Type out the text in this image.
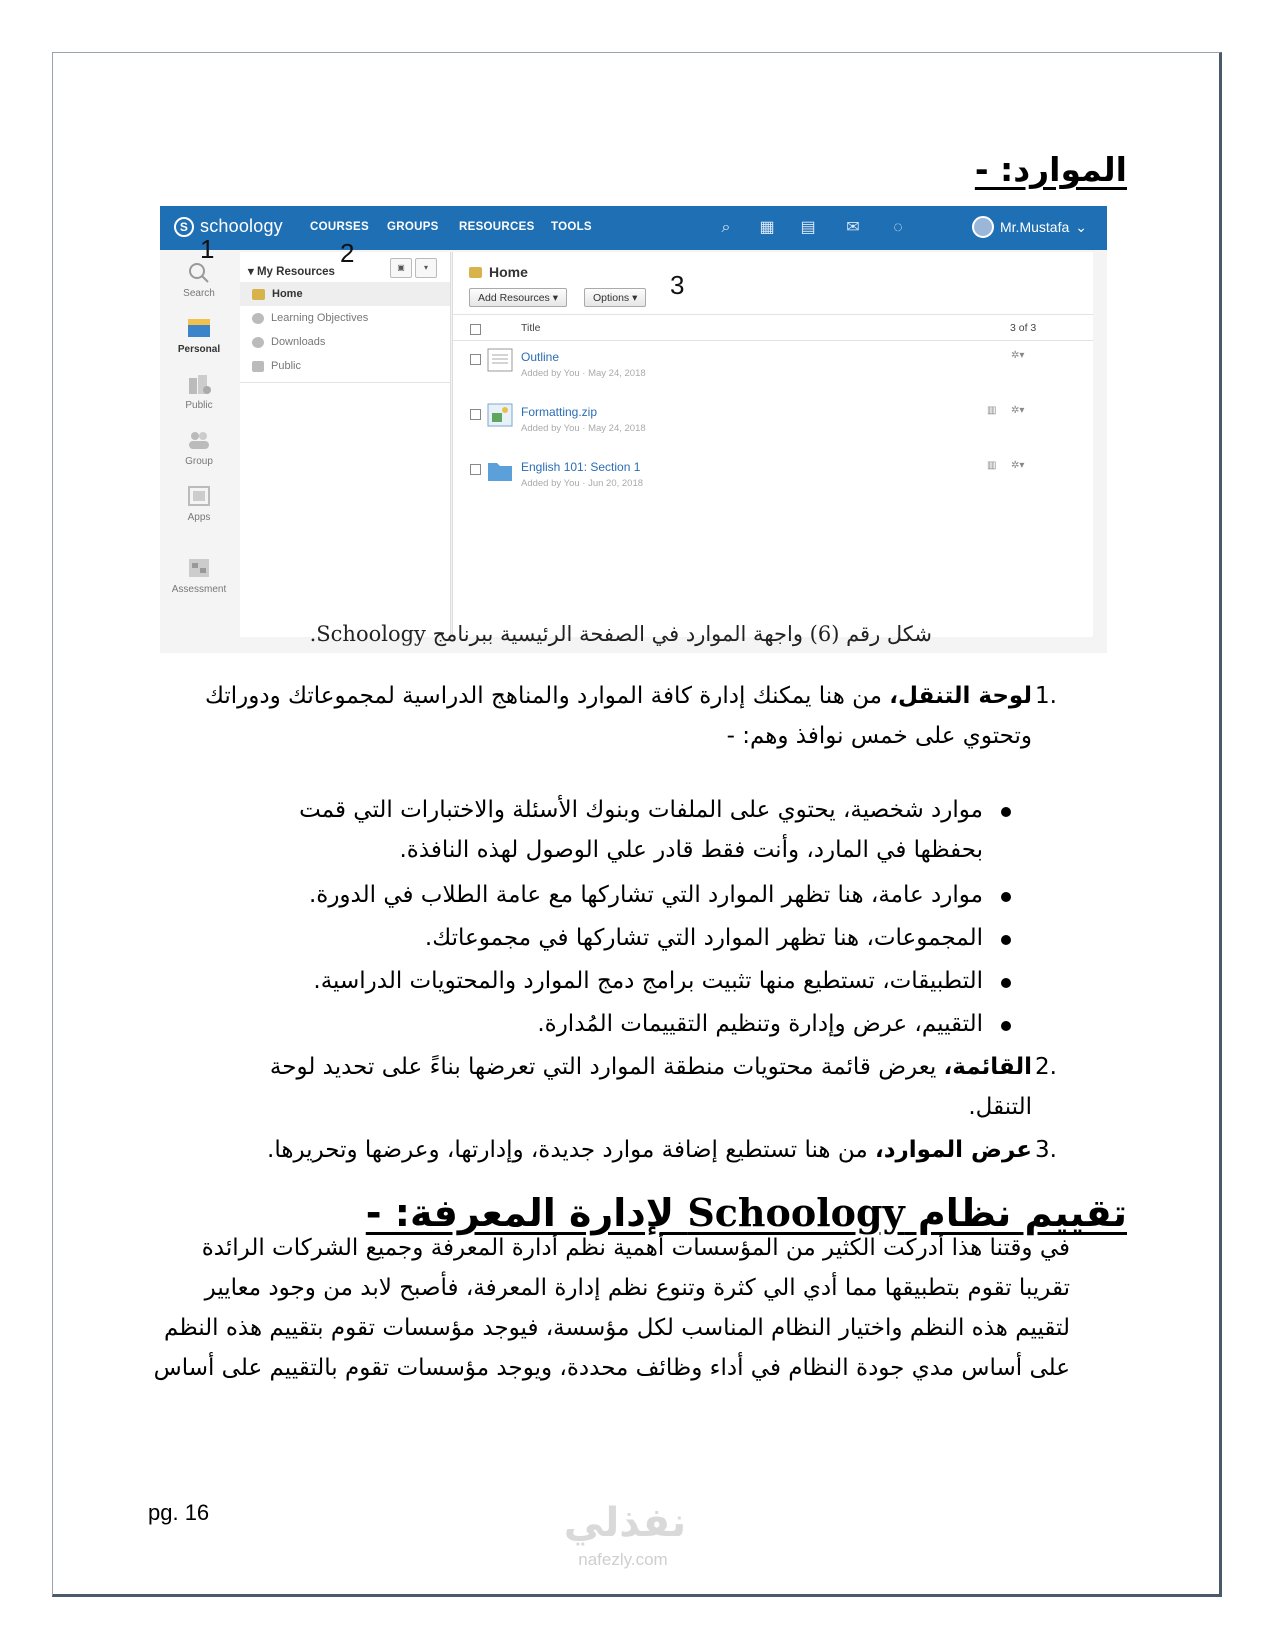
الموارد: -
S schoology COURSES GROUPS RESOURCES TOOLS	⌕	▦ ▤ ✉	◌	Mr.Mustafa ⌄
Search
Personal
Public
Group
Apps
Assessment
▾ My Resources	▣	▾
Home
Learning Objectives
Downloads
Public
Home
Add Resources ▾	Options ▾
Title	3 of 3
Outline
Added by You · May 24, 2018
✲▾
Formatting.zip
Added by You · May 24, 2018
▥ ✲▾
English 101: Section 1
Added by You · Jun 20, 2018
▥ ✲▾
1	2
3
شكل رقم (6) واجهة الموارد في الصفحة الرئيسية ببرنامج Schoology.
1.
لوحة التنقل، من هنا يمكنك إدارة كافة الموارد والمناهج الدراسية لمجموعاتك ودوراتك
وتحتوي على خمس نوافذ وهم: -
موارد شخصية، يحتوي على الملفات وبنوك الأسئلة والاختبارات التي قمت
بحفظها في المارد، وأنت فقط قادر علي الوصول لهذه النافذة.
موارد عامة، هنا تظهر الموارد التي تشاركها مع عامة الطلاب في الدورة.
المجموعات، هنا تظهر الموارد التي تشاركها في مجموعاتك.
التطبيقات، تستطيع منها تثبيت برامج دمج الموارد والمحتويات الدراسية.
التقييم، عرض وإدارة وتنظيم التقييمات المُدارة.
2.
القائمة، يعرض قائمة محتويات منطقة الموارد التي تعرضها بناءً على تحديد لوحة
التنقل.
3.
عرض الموارد، من هنا تستطيع إضافة موارد جديدة، وإدارتها، وعرضها وتحريرها.
تقييم نظام Schoology لإدارة المعرفة: -
في وقتنا هذا أدركت الكثير من المؤسسات أهمية نظم أدارة المعرفة وجميع الشركات الرائدة
تقريبا تقوم بتطبيقها مما أدي الي كثرة وتنوع نظم إدارة المعرفة، فأصبح لابد من وجود معايير
لتقييم هذه النظم واختيار النظام المناسب لكل مؤسسة، فيوجد مؤسسات تقوم بتقييم هذه النظم
على أساس مدي جودة النظام في أداء وظائف محددة، ويوجد مؤسسات تقوم بالتقييم على أساس
pg. 16	نفذلي
nafezly.com
